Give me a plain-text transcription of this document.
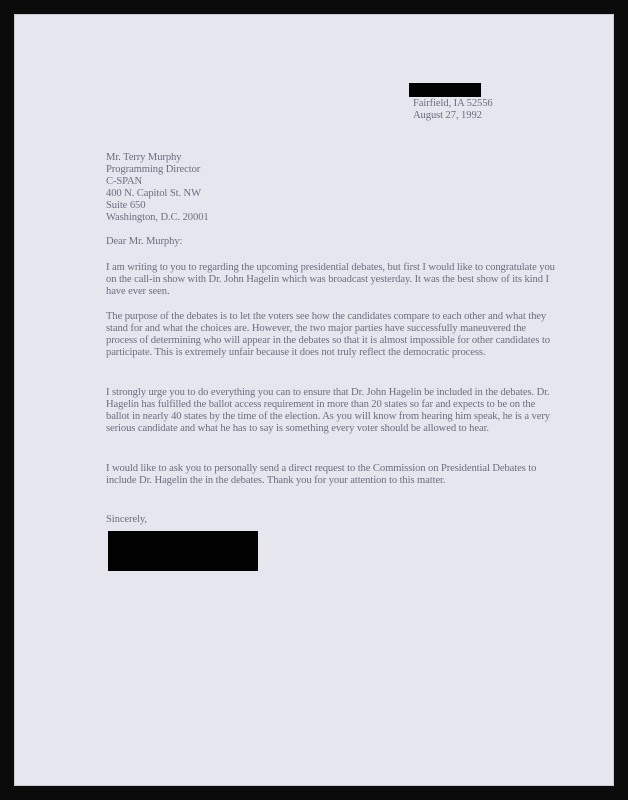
Fairfield, IA 52556
August 27, 1992
Mr. Terry Murphy
Programming Director
C-SPAN
400 N. Capitol St. NW
Suite 650
Washington, D.C. 20001
Dear Mr. Murphy:

I am writing to you to regarding the upcoming presidential debates, but first I would like to congratulate you on the call-in show with Dr. John Hagelin which was broadcast yesterday. It was the best show of its kind I have ever seen.

The purpose of the debates is to let the voters see how the candidates compare to each other and what they stand for and what the choices are. However, the two major parties have successfully maneuvered the process of determining who will appear in the debates so that it is almost impossible for other candidates to participate. This is extremely unfair because it does not truly reflect the democratic process.

I strongly urge you to do everything you can to ensure that Dr. John Hagelin be included in the debates. Dr. Hagelin has fulfilled the ballot access requirement in more than 20 states so far and expects to be on the ballot in nearly 40 states by the time of the election. As you will know from hearing him speak, he is a very serious candidate and what he has to say is something every voter should be allowed to hear.

I would like to ask you to personally send a direct request to the Commission on Presidential Debates to include Dr. Hagelin the in the debates. Thank you for your attention to this matter.

Sincerely,
